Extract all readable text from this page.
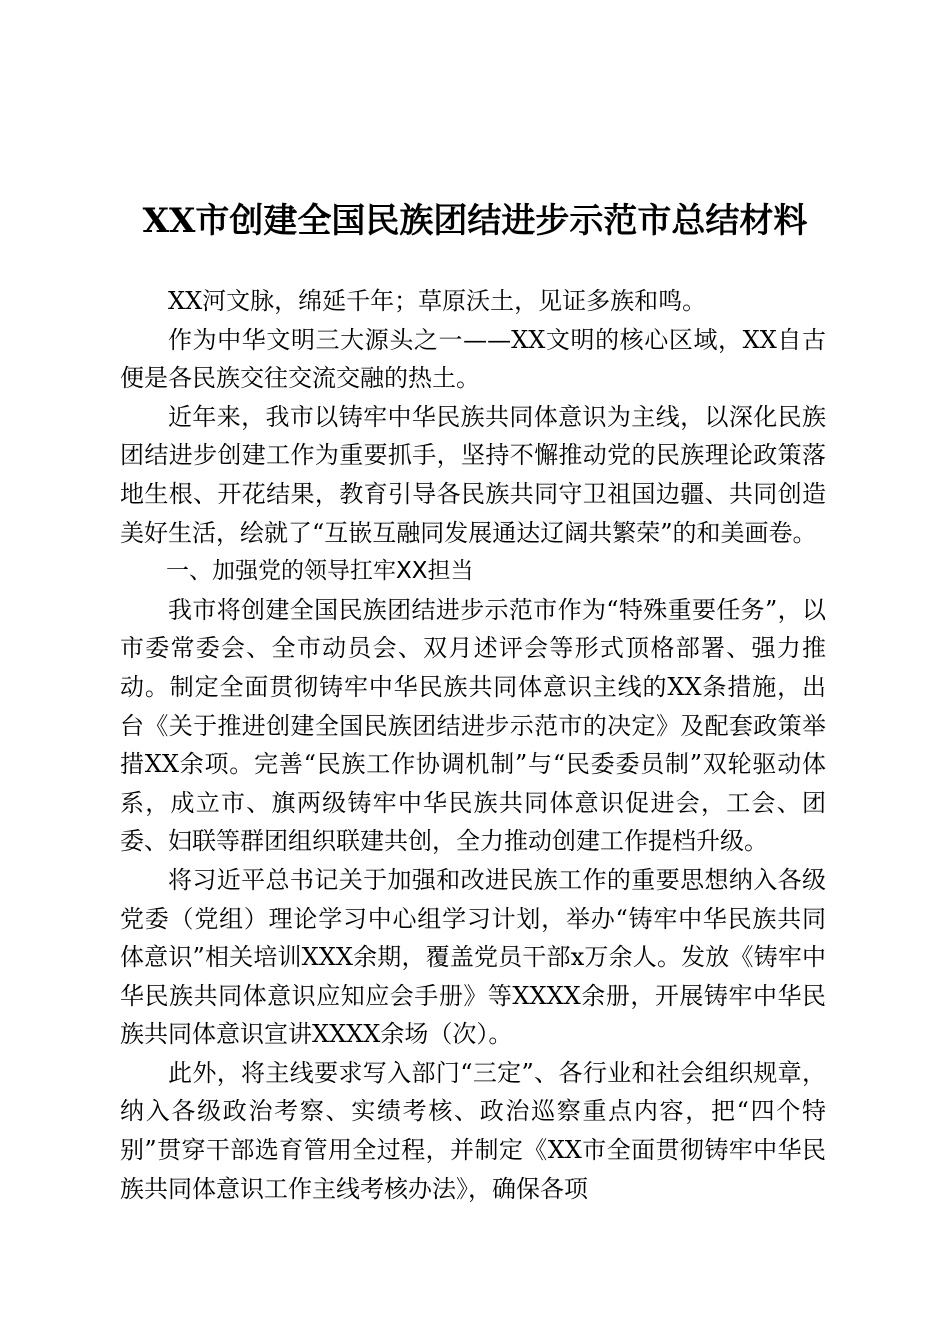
XX市创建全国民族团结进步示范市总结材料

XX河文脉，绵延千年；草原沃土，见证多族和鸣。

作为中华文明三大源头之一——XX文明的核心区域，XX自古便是各民族交往交流交融的热土。

近年来，我市以铸牢中华民族共同体意识为主线，以深化民族团结进步创建工作为重要抓手，坚持不懈推动党的民族理论政策落地生根、开花结果，教育引导各民族共同守卫祖国边疆、共同创造美好生活，绘就了“互嵌互融同发展通达辽阔共繁荣”的和美画卷。

一、加强党的领导扛牢XX担当

我市将创建全国民族团结进步示范市作为“特殊重要任务”，以市委常委会、全市动员会、双月述评会等形式顶格部署、强力推动。制定全面贯彻铸牢中华民族共同体意识主线的XX条措施，出台《关于推进创建全国民族团结进步示范市的决定》及配套政策举措XX余项。完善“民族工作协调机制”与“民委委员制”双轮驱动体系，成立市、旗两级铸牢中华民族共同体意识促进会，工会、团委、妇联等群团组织联建共创，全力推动创建工作提档升级。

将习近平总书记关于加强和改进民族工作的重要思想纳入各级党委（党组）理论学习中心组学习计划，举办“铸牢中华民族共同体意识”相关培训XXX余期，覆盖党员干部x万余人。发放《铸牢中华民族共同体意识应知应会手册》等XXXX余册，开展铸牢中华民族共同体意识宣讲XXXX余场（次）。

此外，将主线要求写入部门“三定”、各行业和社会组织规章，纳入各级政治考察、实绩考核、政治巡察重点内容，把“四个特别”贯穿干部选育管用全过程，并制定《XX市全面贯彻铸牢中华民族共同体意识工作主线考核办法》，确保各项
